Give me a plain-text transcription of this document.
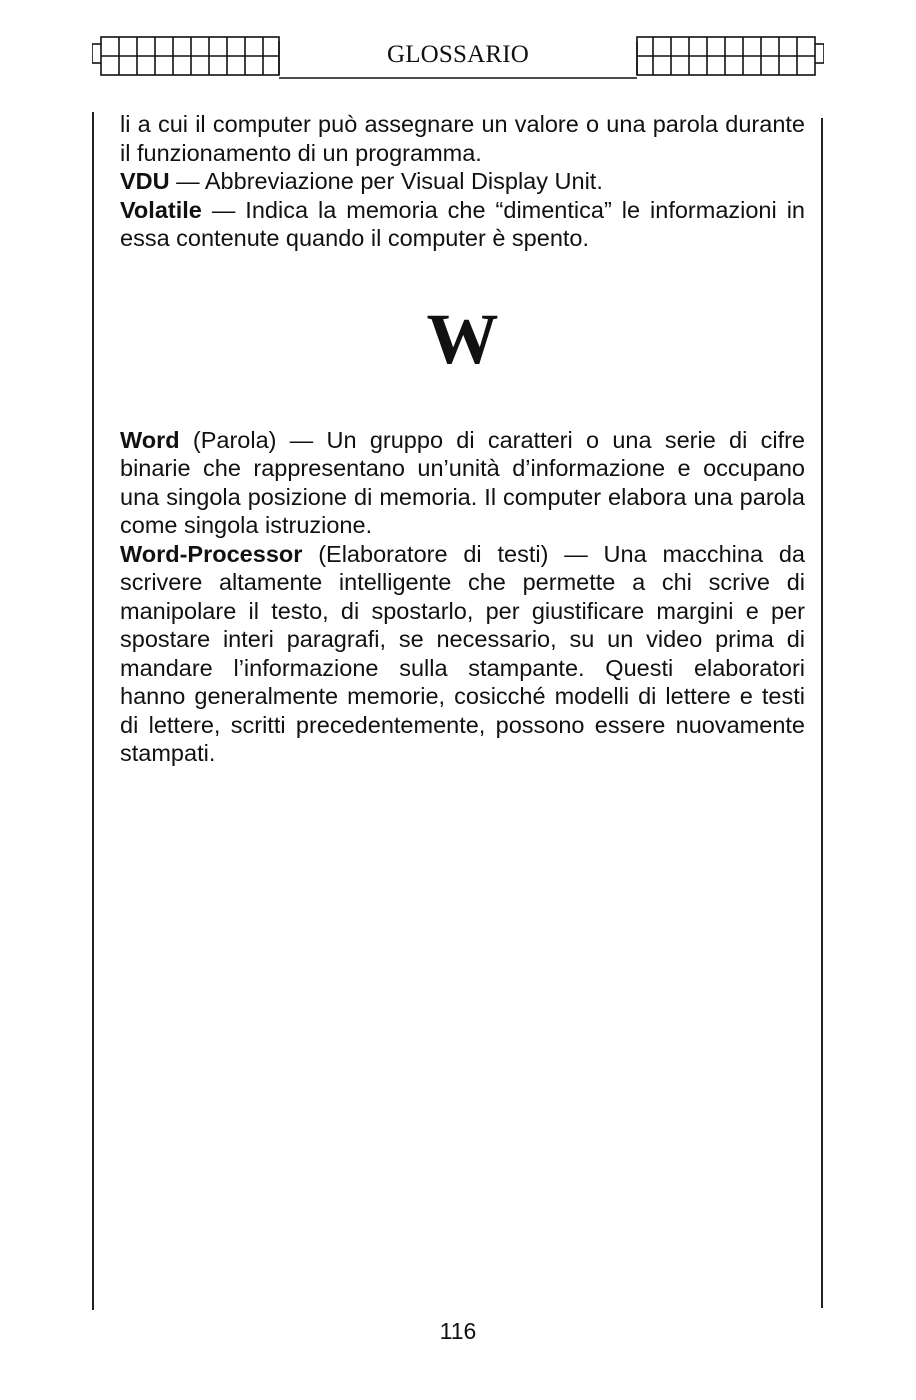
GLOSSARIO

li a cui il computer può assegnare un valore o una parola durante il funzionamento di un programma.

VDU — Abbreviazione per Visual Display Unit.

Volatile — Indica la memoria che “dimentica” le informazioni in essa contenute quando il computer è spento.

W

Word (Parola) — Un gruppo di caratteri o una serie di cifre binarie che rappresentano un’unità d’informazione e occupano una singola posizione di memoria. Il computer elabora una parola come singola istruzione.

Word-Processor (Elaboratore di testi) — Una macchina da scrivere altamente intelligente che permette a chi scrive di manipolare il testo, di spostarlo, per giustificare margini e per spostare interi paragrafi, se necessario, su un video prima di mandare l’informazione sulla stampante. Questi elaboratori hanno generalmente memorie, cosicché modelli di lettere e testi di lettere, scritti precedentemente, possono essere nuovamente stampati.

116
